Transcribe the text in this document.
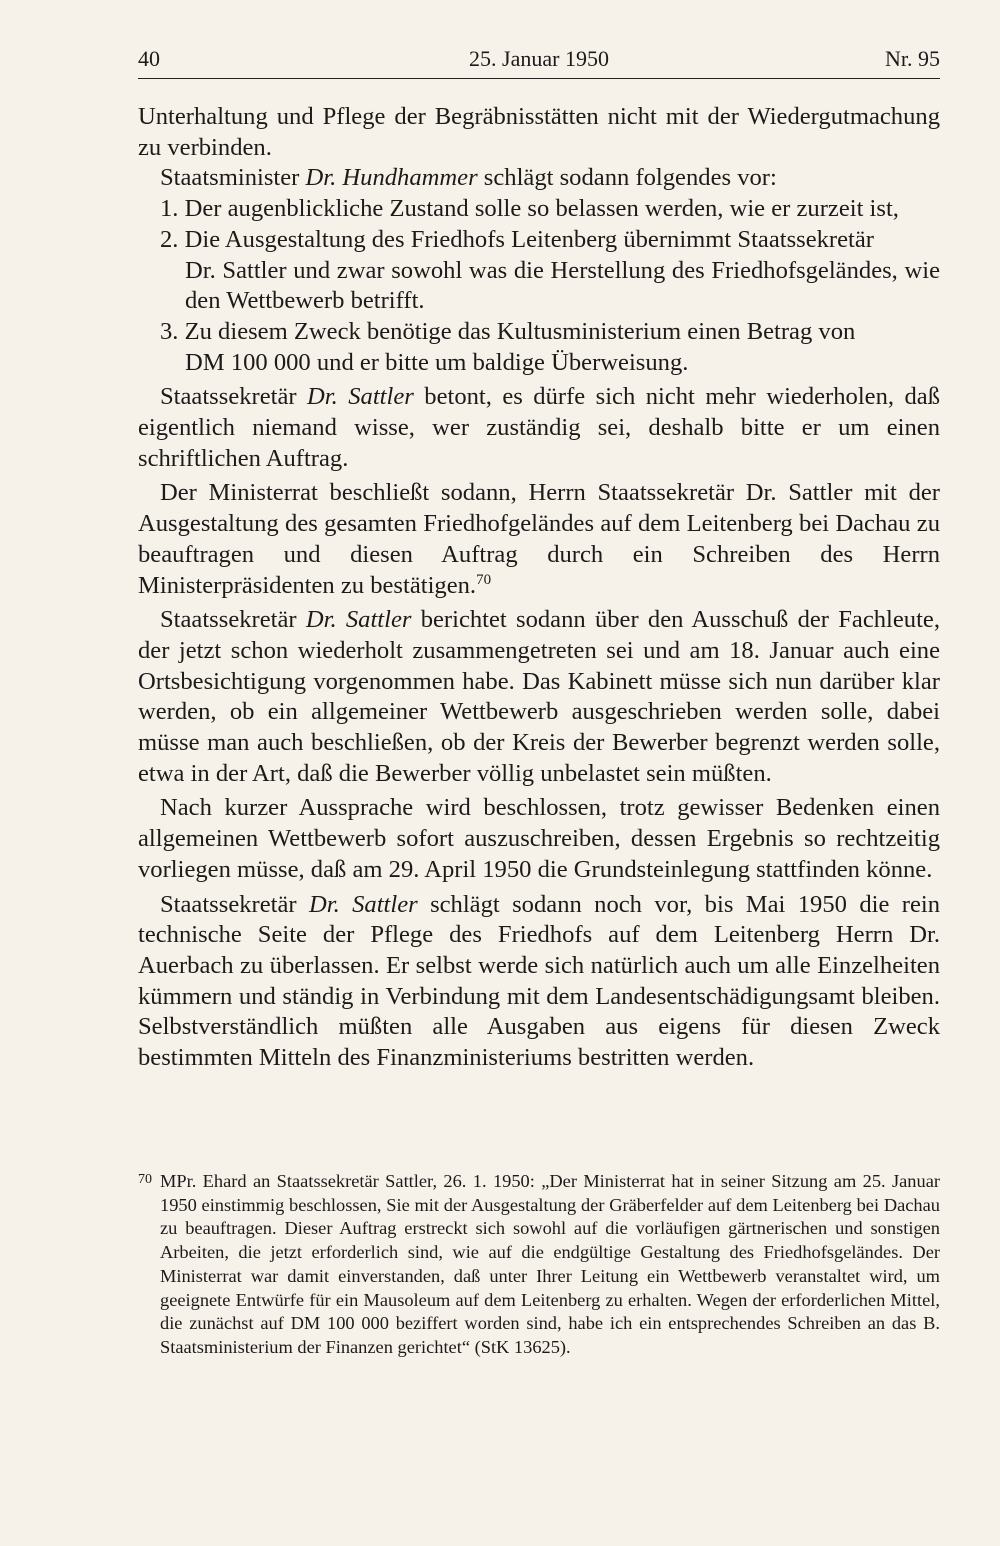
40	25. Januar 1950	Nr. 95

Unterhaltung und Pflege der Begräbnisstätten nicht mit der Wiedergutmachung zu verbinden.

Staatsminister Dr. Hundhammer schlägt sodann folgendes vor:

1. Der augenblickliche Zustand solle so belassen werden, wie er zurzeit ist,

2. Die Ausgestaltung des Friedhofs Leitenberg übernimmt Staatssekretär
Dr. Sattler und zwar sowohl was die Herstellung des Friedhofsgeländes, wie den Wettbewerb betrifft.

3. Zu diesem Zweck benötige das Kultusministerium einen Betrag von
DM 100 000 und er bitte um baldige Überweisung.

Staatssekretär Dr. Sattler betont, es dürfe sich nicht mehr wiederholen, daß eigentlich niemand wisse, wer zuständig sei, deshalb bitte er um einen schriftlichen Auftrag.

Der Ministerrat beschließt sodann, Herrn Staatssekretär Dr. Sattler mit der Ausgestaltung des gesamten Friedhofgeländes auf dem Leitenberg bei Dachau zu beauftragen und diesen Auftrag durch ein Schreiben des Herrn Ministerpräsidenten zu bestätigen.$^{70}$

Staatssekretär Dr. Sattler berichtet sodann über den Ausschuß der Fachleute, der jetzt schon wiederholt zusammengetreten sei und am 18. Januar auch eine Ortsbesichtigung vorgenommen habe. Das Kabinett müsse sich nun darüber klar werden, ob ein allgemeiner Wettbewerb ausgeschrieben werden solle, dabei müsse man auch beschließen, ob der Kreis der Bewerber begrenzt werden solle, etwa in der Art, daß die Bewerber völlig unbelastet sein müßten.

Nach kurzer Aussprache wird beschlossen, trotz gewisser Bedenken einen allgemeinen Wettbewerb sofort auszuschreiben, dessen Ergebnis so rechtzeitig vorliegen müsse, daß am 29. April 1950 die Grundsteinlegung stattfinden könne.

Staatssekretär Dr. Sattler schlägt sodann noch vor, bis Mai 1950 die rein technische Seite der Pflege des Friedhofs auf dem Leitenberg Herrn Dr. Auerbach zu überlassen. Er selbst werde sich natürlich auch um alle Einzelheiten kümmern und ständig in Verbindung mit dem Landesentschädigungsamt bleiben. Selbstverständlich müßten alle Ausgaben aus eigens für diesen Zweck bestimmten Mitteln des Finanzministeriums bestritten werden.

70 MPr. Ehard an Staatssekretär Sattler, 26. 1. 1950: „Der Ministerrat hat in seiner Sitzung am 25. Januar 1950 einstimmig beschlossen, Sie mit der Ausgestaltung der Gräberfelder auf dem Leitenberg bei Dachau zu beauftragen. Dieser Auftrag erstreckt sich sowohl auf die vorläufigen gärtnerischen und sonstigen Arbeiten, die jetzt erforderlich sind, wie auf die endgültige Gestaltung des Friedhofsgeländes. Der Ministerrat war damit einverstanden, daß unter Ihrer Leitung ein Wettbewerb veranstaltet wird, um geeignete Entwürfe für ein Mausoleum auf dem Leitenberg zu erhalten. Wegen der erforderlichen Mittel, die zunächst auf DM 100 000 beziffert worden sind, habe ich ein entsprechendes Schreiben an das B. Staatsministerium der Finanzen gerichtet“ (StK 13625).
